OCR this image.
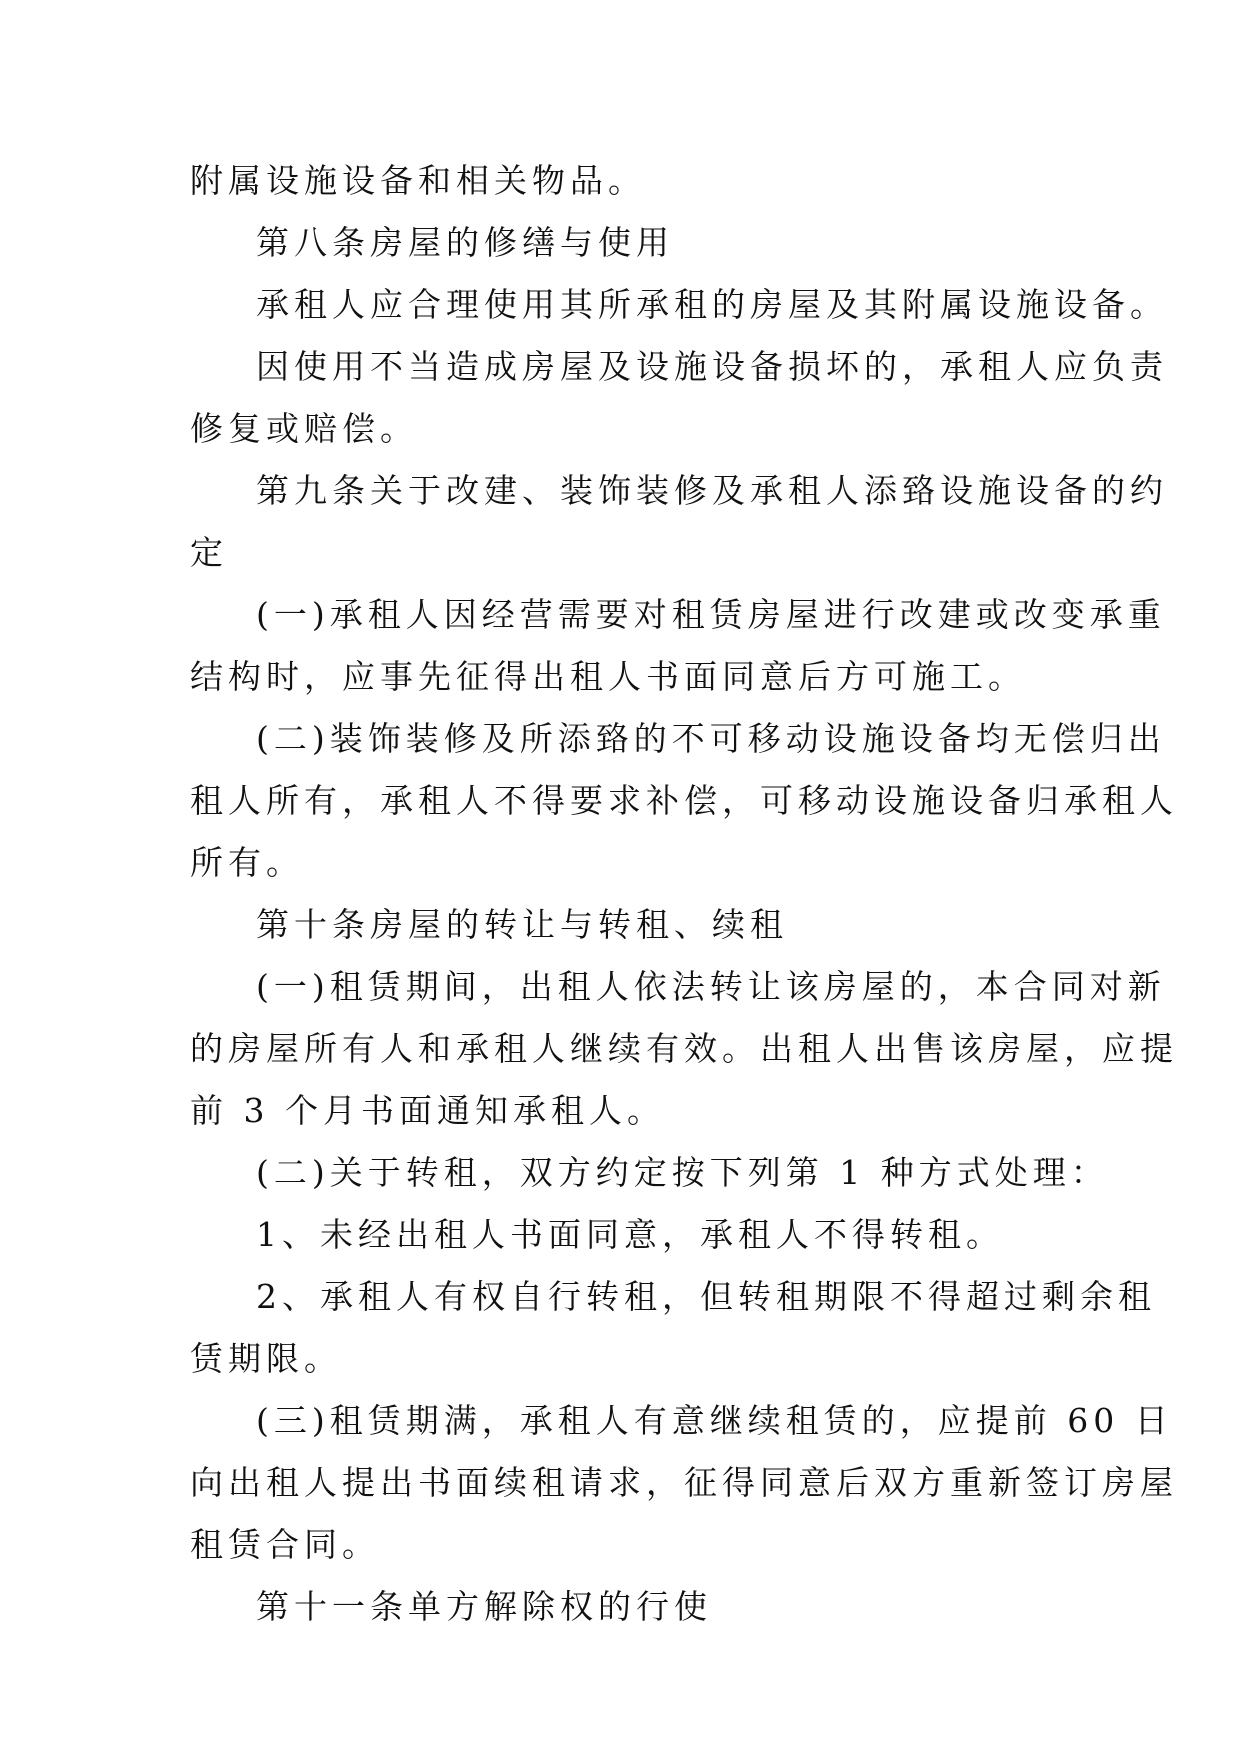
附属设施设备和相关物品。
第八条房屋的修缮与使用
承租人应合理使用其所承租的房屋及其附属设施设备。
因使用不当造成房屋及设施设备损坏的，承租人应负责
修复或赔偿。
第九条关于改建、装饰装修及承租人添臵设施设备的约
定
(一)承租人因经营需要对租赁房屋进行改建或改变承重
结构时，应事先征得出租人书面同意后方可施工。
(二)装饰装修及所添臵的不可移动设施设备均无偿归出
租人所有，承租人不得要求补偿，可移动设施设备归承租人
所有。
第十条房屋的转让与转租、续租
(一)租赁期间，出租人依法转让该房屋的，本合同对新
的房屋所有人和承租人继续有效。出租人出售该房屋，应提
前 3 个月书面通知承租人。
(二)关于转租，双方约定按下列第 1 种方式处理：
1、未经出租人书面同意，承租人不得转租。
2、承租人有权自行转租，但转租期限不得超过剩余租
赁期限。
(三)租赁期满，承租人有意继续租赁的，应提前 60 日
向出租人提出书面续租请求，征得同意后双方重新签订房屋
租赁合同。
第十一条单方解除权的行使
